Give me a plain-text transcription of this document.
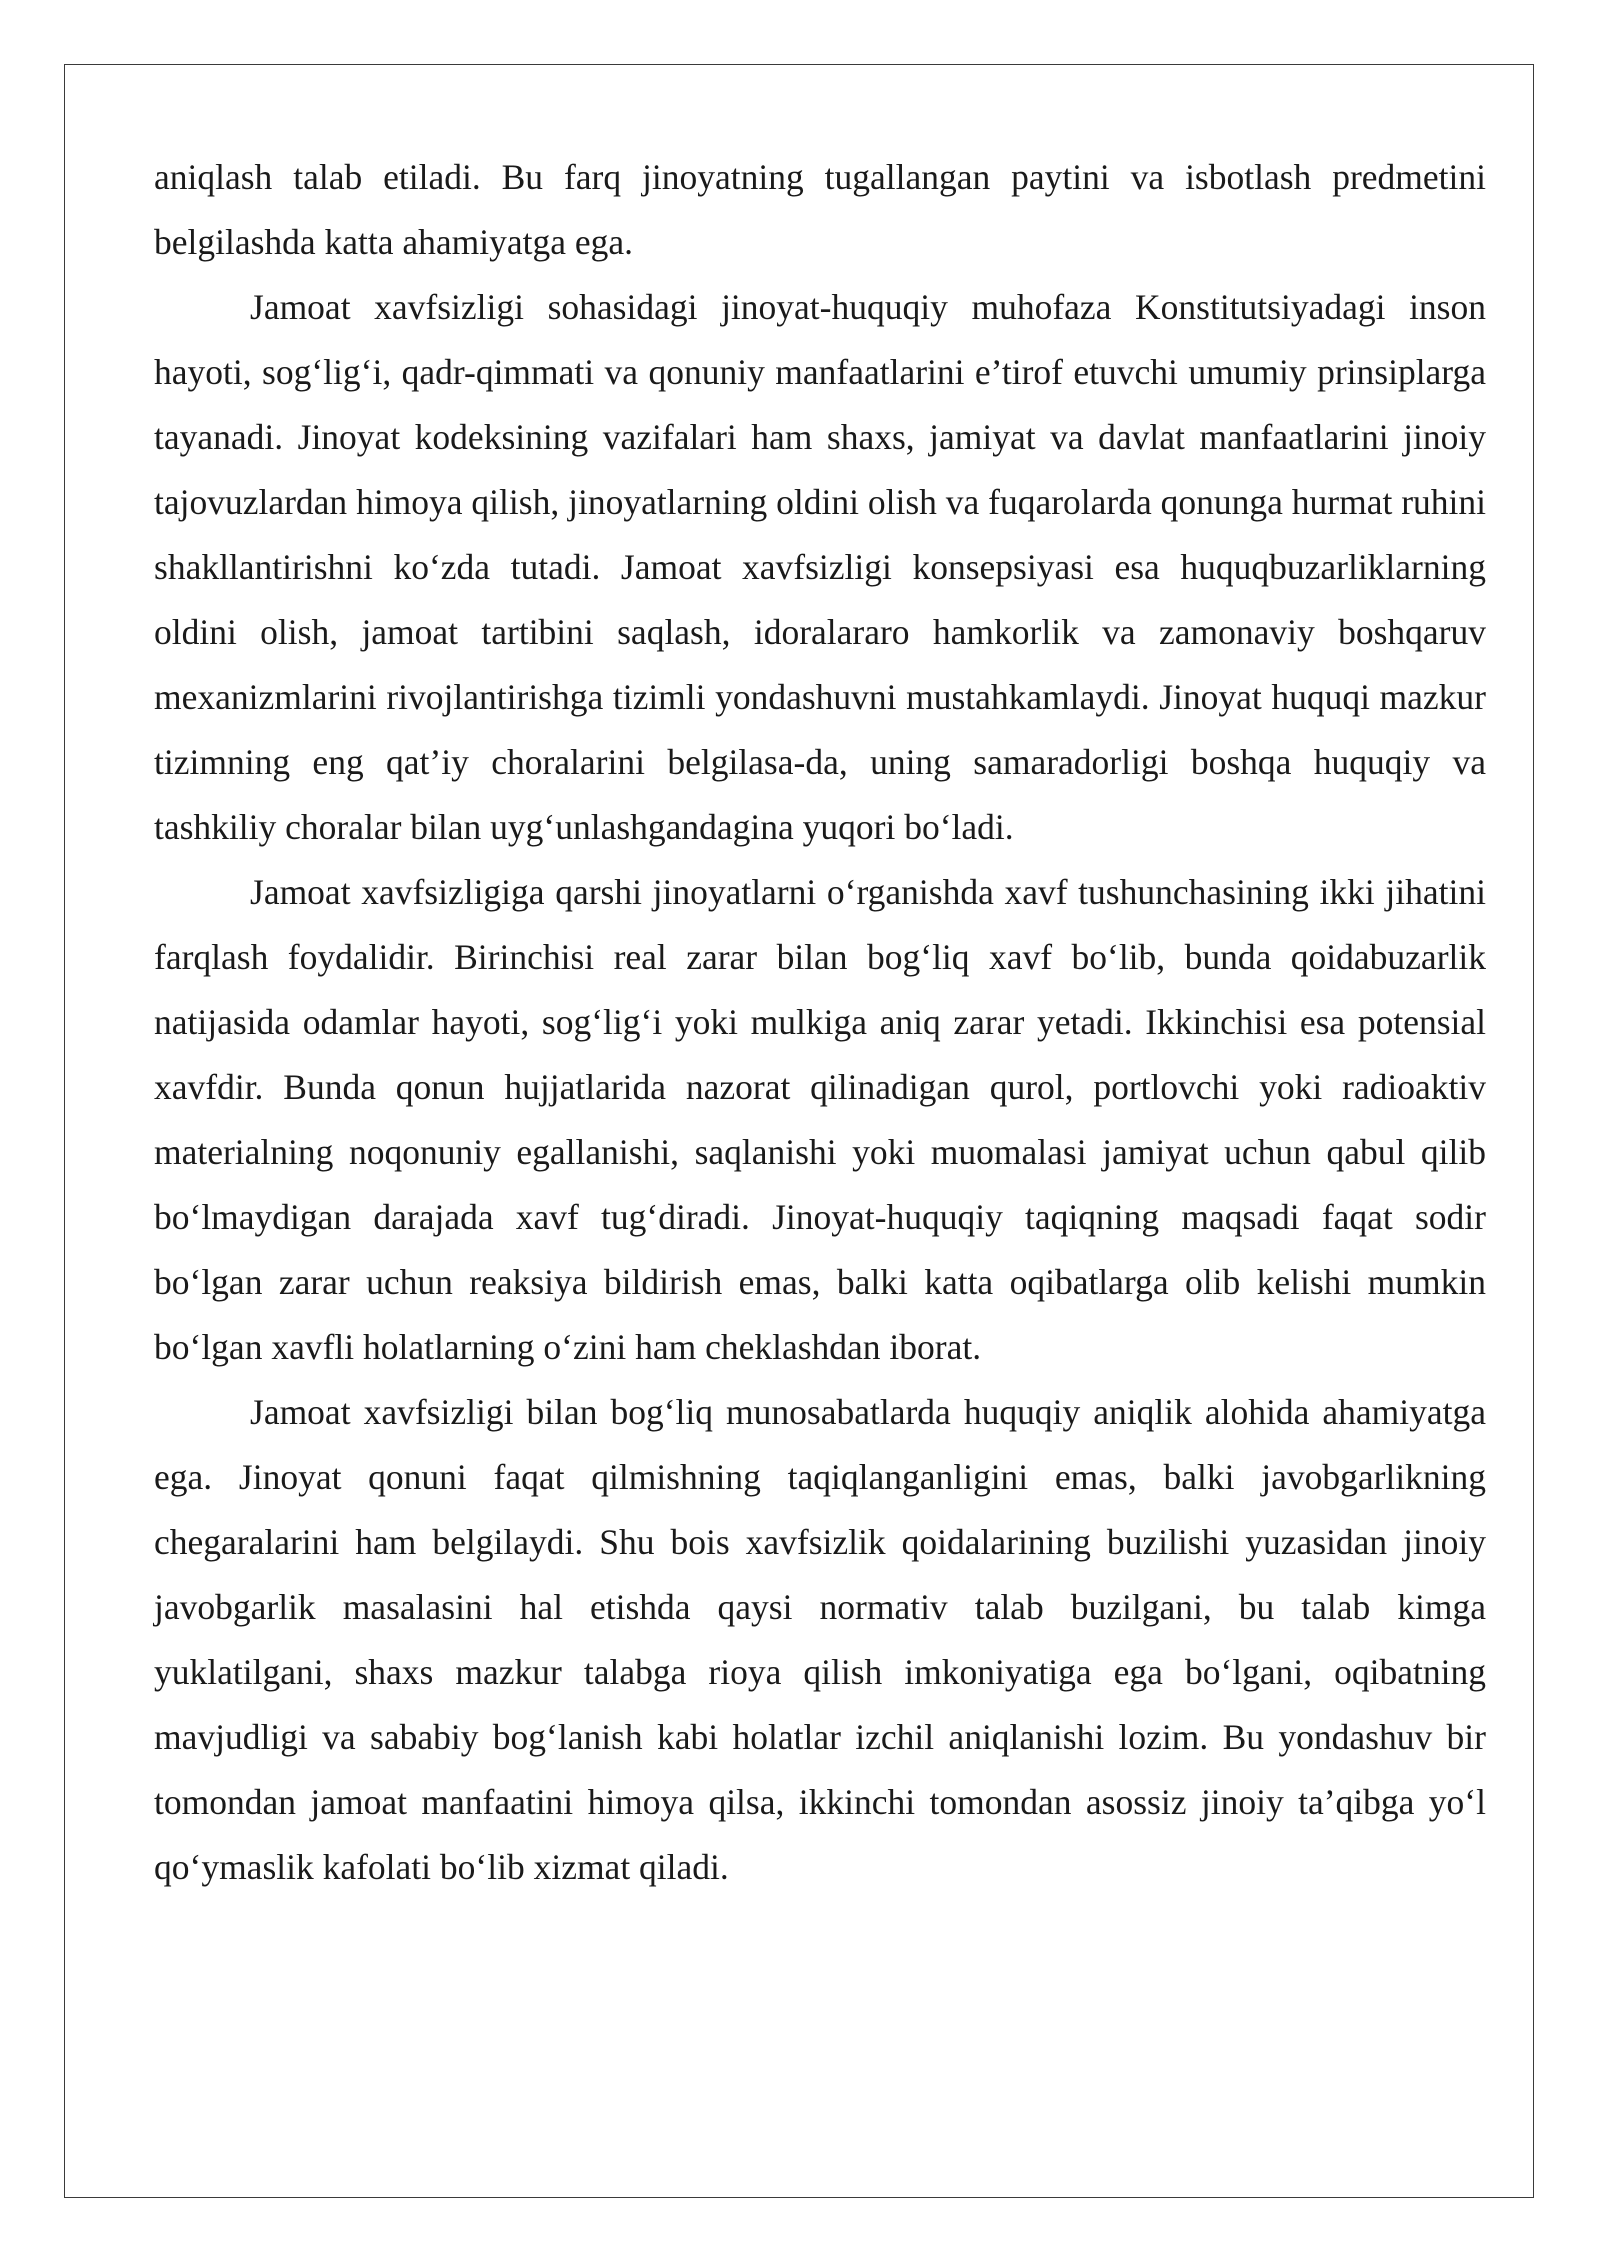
aniqlash talab etiladi. Bu farq jinoyatning tugallangan paytini va isbotlash predmetini belgilashda katta ahamiyatga ega.

Jamoat xavfsizligi sohasidagi jinoyat-huquqiy muhofaza Konstitutsiyadagi inson hayoti, sog‘lig‘i, qadr-qimmati va qonuniy manfaatlarini e’tirof etuvchi umumiy prinsiplarga tayanadi. Jinoyat kodeksining vazifalari ham shaxs, jamiyat va davlat manfaatlarini jinoiy tajovuzlardan himoya qilish, jinoyatlarning oldini olish va fuqarolarda qonunga hurmat ruhini shakllantirishni ko‘zda tutadi. Jamoat xavfsizligi konsepsiyasi esa huquqbuzarliklarning oldini olish, jamoat tartibini saqlash, idoralararo hamkorlik va zamonaviy boshqaruv mexanizmlarini rivojlantirishga tizimli yondashuvni mustahkamlaydi. Jinoyat huquqi mazkur tizimning eng qat’iy choralarini belgilasa-da, uning samaradorligi boshqa huquqiy va tashkiliy choralar bilan uyg‘unlashgandagina yuqori bo‘ladi.

Jamoat xavfsizligiga qarshi jinoyatlarni o‘rganishda xavf tushunchasining ikki jihatini farqlash foydalidir. Birinchisi real zarar bilan bog‘liq xavf bo‘lib, bunda qoidabuzarlik natijasida odamlar hayoti, sog‘lig‘i yoki mulkiga aniq zarar yetadi. Ikkinchisi esa potensial xavfdir. Bunda qonun hujjatlarida nazorat qilinadigan qurol, portlovchi yoki radioaktiv materialning noqonuniy egallanishi, saqlanishi yoki muomalasi jamiyat uchun qabul qilib bo‘lmaydigan darajada xavf tug‘diradi. Jinoyat-huquqiy taqiqning maqsadi faqat sodir bo‘lgan zarar uchun reaksiya bildirish emas, balki katta oqibatlarga olib kelishi mumkin bo‘lgan xavfli holatlarning o‘zini ham cheklashdan iborat.

Jamoat xavfsizligi bilan bog‘liq munosabatlarda huquqiy aniqlik alohida ahamiyatga ega. Jinoyat qonuni faqat qilmishning taqiqlanganligini emas, balki javobgarlikning chegaralarini ham belgilaydi. Shu bois xavfsizlik qoidalarining buzilishi yuzasidan jinoiy javobgarlik masalasini hal etishda qaysi normativ talab buzilgani, bu talab kimga yuklatilgani, shaxs mazkur talabga rioya qilish imkoniyatiga ega bo‘lgani, oqibatning mavjudligi va sababiy bog‘lanish kabi holatlar izchil aniqlanishi lozim. Bu yondashuv bir tomondan jamoat manfaatini himoya qilsa, ikkinchi tomondan asossiz jinoiy ta’qibga yo‘l qo‘ymaslik kafolati bo‘lib xizmat qiladi.
